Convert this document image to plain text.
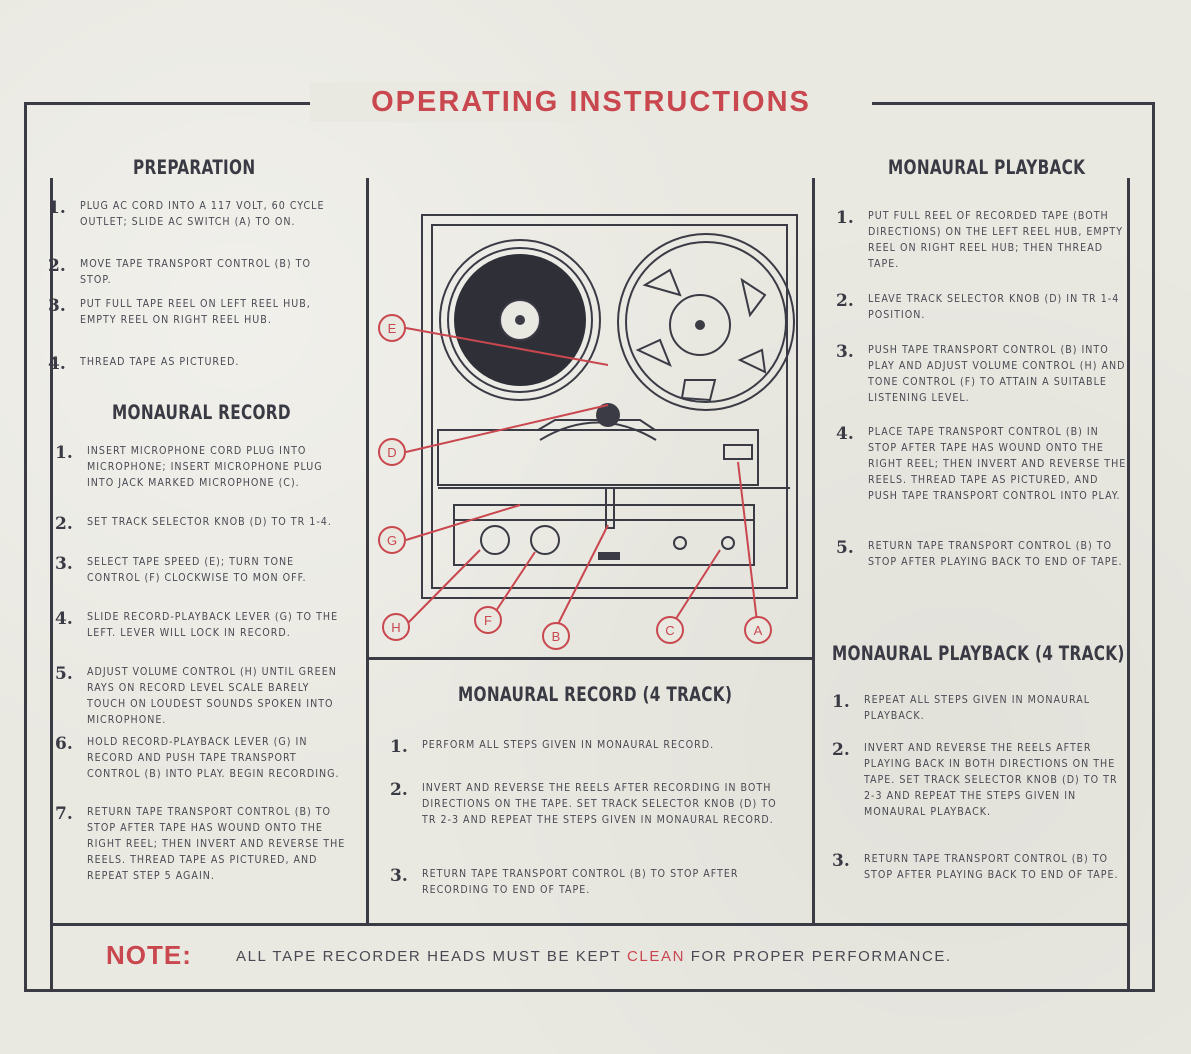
OPERATING INSTRUCTIONS
PREPARATION
1.	PLUG AC CORD INTO A 117 VOLT, 60 CYCLE OUTLET; SLIDE AC SWITCH (A) TO ON.
2.	MOVE TAPE TRANSPORT CONTROL (B) TO STOP.
3.	PUT FULL TAPE REEL ON LEFT REEL HUB, EMPTY REEL ON RIGHT REEL HUB.
4.	THREAD TAPE AS PICTURED.
MONAURAL RECORD
1.	INSERT MICROPHONE CORD PLUG INTO MICROPHONE; INSERT MICROPHONE PLUG INTO JACK MARKED MICROPHONE (C).
2.	SET TRACK SELECTOR KNOB (D) TO TR 1-4.
3.	SELECT TAPE SPEED (E); TURN TONE CONTROL (F) CLOCKWISE TO MON OFF.
4.	SLIDE RECORD-PLAYBACK LEVER (G) TO THE LEFT. LEVER WILL LOCK IN RECORD.
5.	ADJUST VOLUME CONTROL (H) UNTIL GREEN RAYS ON RECORD LEVEL SCALE BARELY TOUCH ON LOUDEST SOUNDS SPOKEN INTO MICROPHONE.
6.	HOLD RECORD-PLAYBACK LEVER (G) IN RECORD AND PUSH TAPE TRANSPORT CONTROL (B) INTO PLAY. BEGIN RECORDING.
7.	RETURN TAPE TRANSPORT CONTROL (B) TO STOP AFTER TAPE HAS WOUND ONTO THE RIGHT REEL; THEN INVERT AND REVERSE THE REELS. THREAD TAPE AS PICTURED, AND REPEAT STEP 5 AGAIN.
E
D
G
H	F
B	C	A
MONAURAL RECORD (4 TRACK)
1.	PERFORM ALL STEPS GIVEN IN MONAURAL RECORD.
2.	INVERT AND REVERSE THE REELS AFTER RECORDING IN BOTH DIRECTIONS ON THE TAPE. SET TRACK SELECTOR KNOB (D) TO TR 2-3 AND REPEAT THE STEPS GIVEN IN MONAURAL RECORD.
3.	RETURN TAPE TRANSPORT CONTROL (B) TO STOP AFTER RECORDING TO END OF TAPE.
MONAURAL PLAYBACK
1.	PUT FULL REEL OF RECORDED TAPE (BOTH DIRECTIONS) ON THE LEFT REEL HUB, EMPTY REEL ON RIGHT REEL HUB; THEN THREAD TAPE.
2.	LEAVE TRACK SELECTOR KNOB (D) IN TR 1-4 POSITION.
3.	PUSH TAPE TRANSPORT CONTROL (B) INTO PLAY AND ADJUST VOLUME CONTROL (H) AND TONE CONTROL (F) TO ATTAIN A SUITABLE LISTENING LEVEL.
4.	PLACE TAPE TRANSPORT CONTROL (B) IN STOP AFTER TAPE HAS WOUND ONTO THE RIGHT REEL; THEN INVERT AND REVERSE THE REELS. THREAD TAPE AS PICTURED, AND PUSH TAPE TRANSPORT CONTROL INTO PLAY.
5.	RETURN TAPE TRANSPORT CONTROL (B) TO STOP AFTER PLAYING BACK TO END OF TAPE.
MONAURAL PLAYBACK (4 TRACK)
1.	REPEAT ALL STEPS GIVEN IN MONAURAL PLAYBACK.
2.	INVERT AND REVERSE THE REELS AFTER PLAYING BACK IN BOTH DIRECTIONS ON THE TAPE. SET TRACK SELECTOR KNOB (D) TO TR 2-3 AND REPEAT THE STEPS GIVEN IN MONAURAL PLAYBACK.
3.	RETURN TAPE TRANSPORT CONTROL (B) TO STOP AFTER PLAYING BACK TO END OF TAPE.
NOTE:	ALL TAPE RECORDER HEADS MUST BE KEPT CLEAN FOR PROPER PERFORMANCE.
